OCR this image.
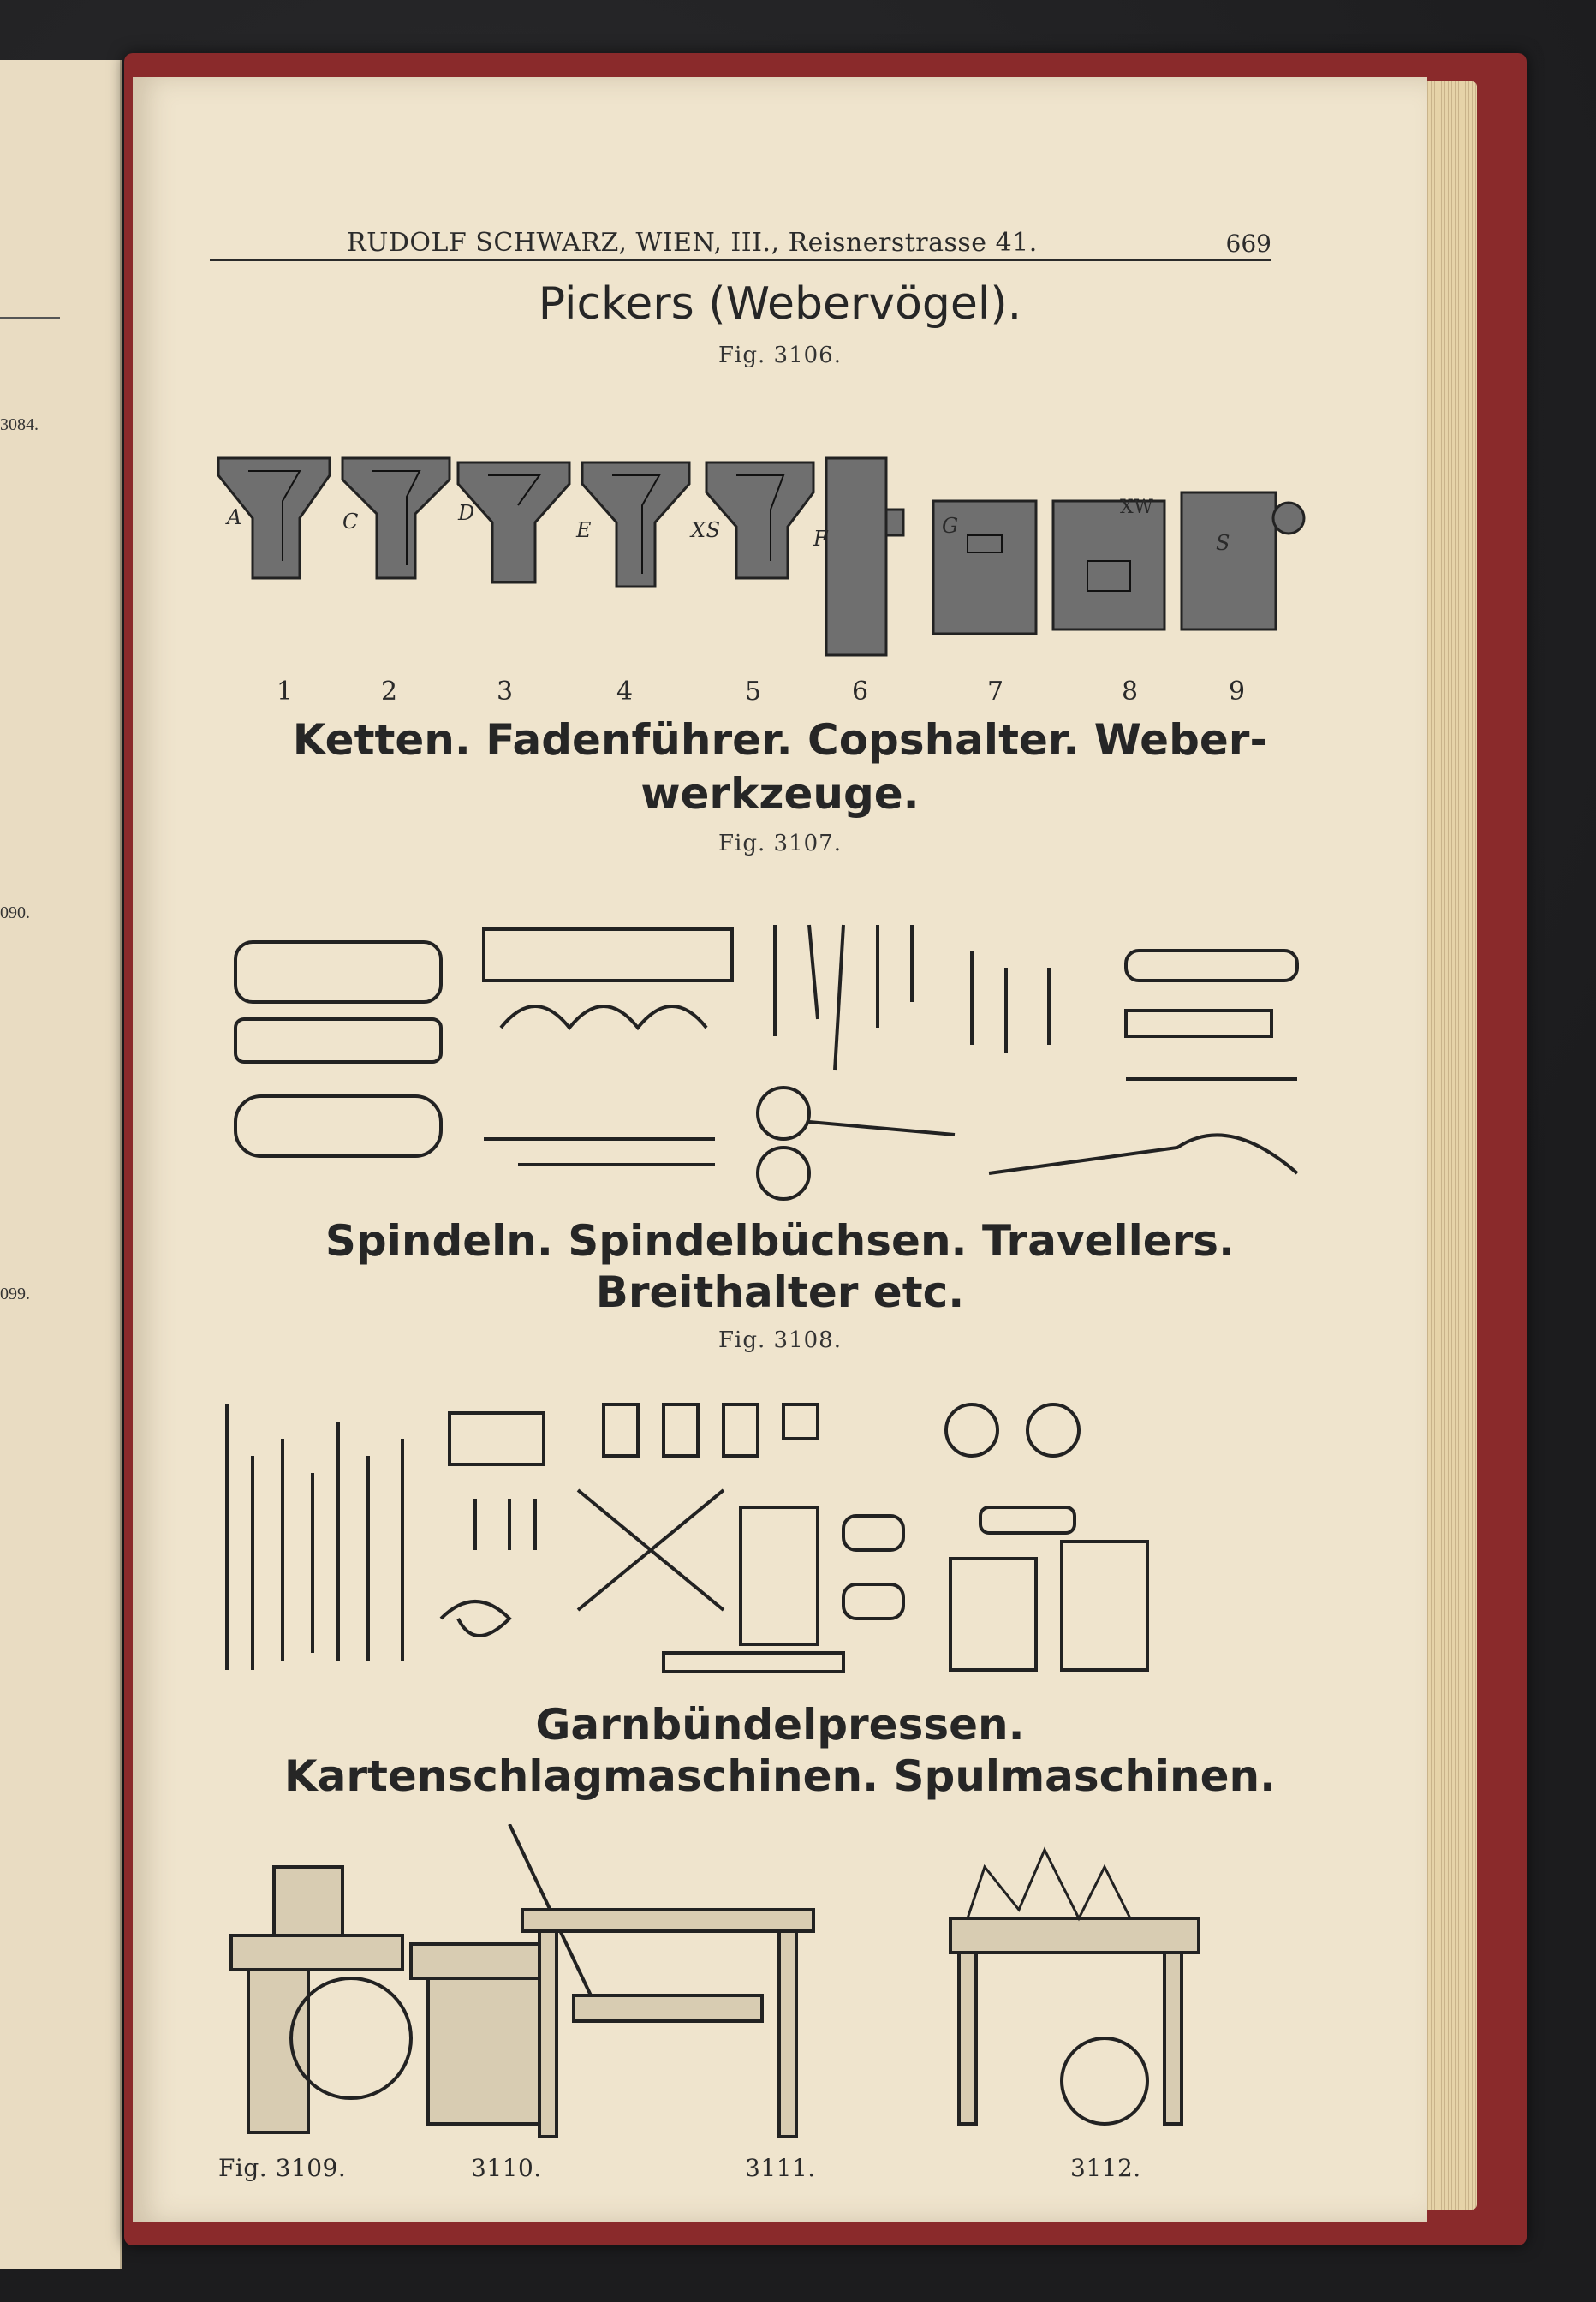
3084.
090.
099.
RUDOLF SCHWARZ, WIEN, III., Reisnerstrasse 41.	669
Pickers (Webervögel).
Fig. 3106.
1	2	3	4	5	6	7	8	9
A	C	D
E	XS	F
G
XW
S
Ketten. Fadenführer. Copshalter. Weber-
werkzeuge.
Fig. 3107.
Spindeln. Spindelbüchsen. Travellers.
Breithalter etc.
Fig. 3108.
Garnbündelpressen.
Kartenschlagmaschinen. Spulmaschinen.
Fig. 3109.	3110.	3111.	3112.
